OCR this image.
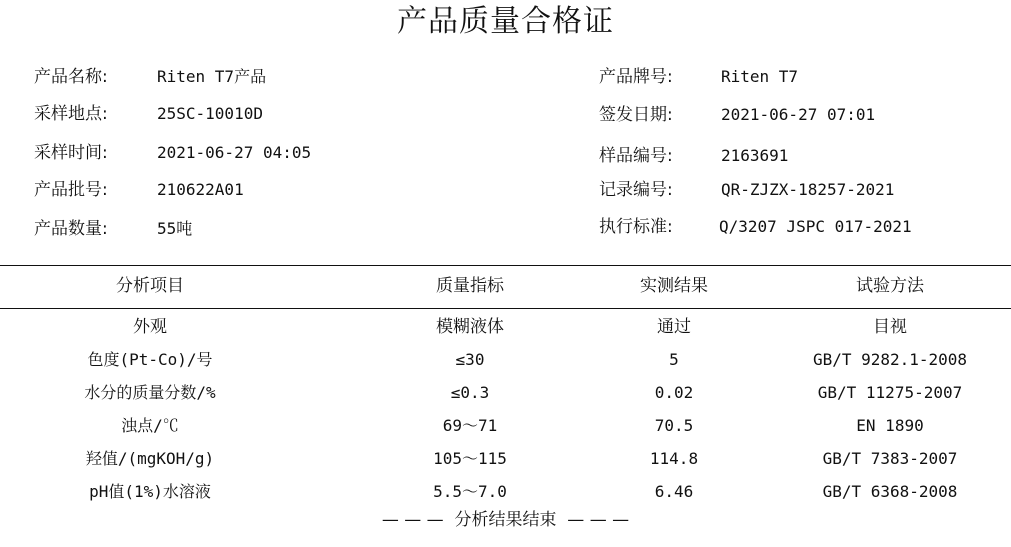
产品质量合格证
产品名称:	Riten T7产品
采样地点:	25SC-10010D
采样时间:	2021-06-27 04:05
产品批号:	210622A01
产品数量:	55吨
产品牌号:	Riten T7
签发日期:	2021-06-27 07:01
样品编号:	2163691
记录编号:	QR-ZJZX-18257-2021
执行标准:	Q/3207 JSPC 017-2021
分析项目	质量指标	实测结果	试验方法
外观	模糊液体	通过	目视
色度(Pt-Co)/号	≤30	5	GB/T 9282.1-2008
水分的质量分数/%	≤0.3	0.02	GB/T 11275-2007
浊点/℃	69～71	70.5	EN 1890
羟值/(mgKOH/g)	105～115	114.8	GB/T 7383-2007
pH值(1%)水溶液	5.5～7.0	6.46	GB/T 6368-2008
— — —  分析结果结束  — — —
